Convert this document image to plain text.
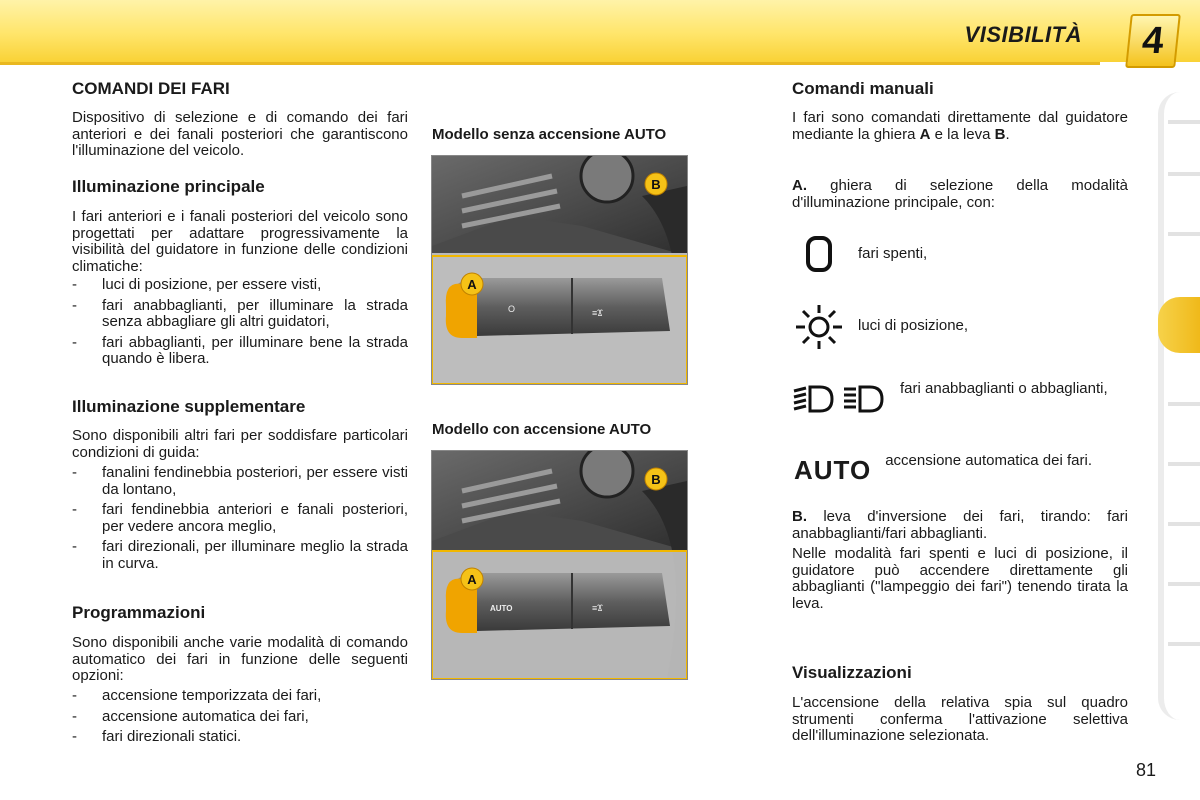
VISIBILITÀ 4
COMANDI DEI FARI
Dispositivo di selezione e di comando dei fari anteriori e dei fanali posteriori che garantiscono l'illuminazione del veicolo.
Illuminazione principale
I fari anteriori e i fanali posteriori del veicolo sono progettati per adattare progressivamente la visibilità del guidatore in funzione delle condizioni climatiche:
- luci di posizione, per essere visti,
- fari anabbaglianti, per illuminare la strada senza abbagliare gli altri guidatori,
- fari abbaglianti, per illuminare bene la strada quando è libera.
Illuminazione supplementare
Sono disponibili altri fari per soddisfare particolari condizioni di guida:
- fanalini fendinebbia posteriori, per essere visti da lontano,
- fari fendinebbia anteriori e fanali posteriori, per vedere ancora meglio,
- fari direzionali, per illuminare meglio la strada in curva.
Programmazioni
Sono disponibili anche varie modalità di comando automatico dei fari in funzione delle seguenti opzioni:
- accensione temporizzata dei fari,
- accensione automatica dei fari,
- fari direzionali statici.
Modello senza accensione AUTO
A
B
O	≡Ϫ
Modello con accensione AUTO
A
B
AUTO	≡Ϫ
Comandi manuali
I fari sono comandati direttamente dal guidatore mediante la ghiera A e la leva B.
A. ghiera di selezione della modalità d'illuminazione principale, con:
fari spenti,
luci di posizione,
fari anabbaglianti o abbaglianti,
AUTO accensione automatica dei fari.
B. leva d'inversione dei fari, tirando: fari anabbaglianti/fari abbaglianti.
Nelle modalità fari spenti e luci di posizione, il guidatore può accendere direttamente gli abbaglianti ("lampeggio dei fari") tenendo tirata la leva.
Visualizzazioni
L'accensione della relativa spia sul quadro strumenti conferma l'attivazione selettiva dell'illuminazione selezionata.
81
